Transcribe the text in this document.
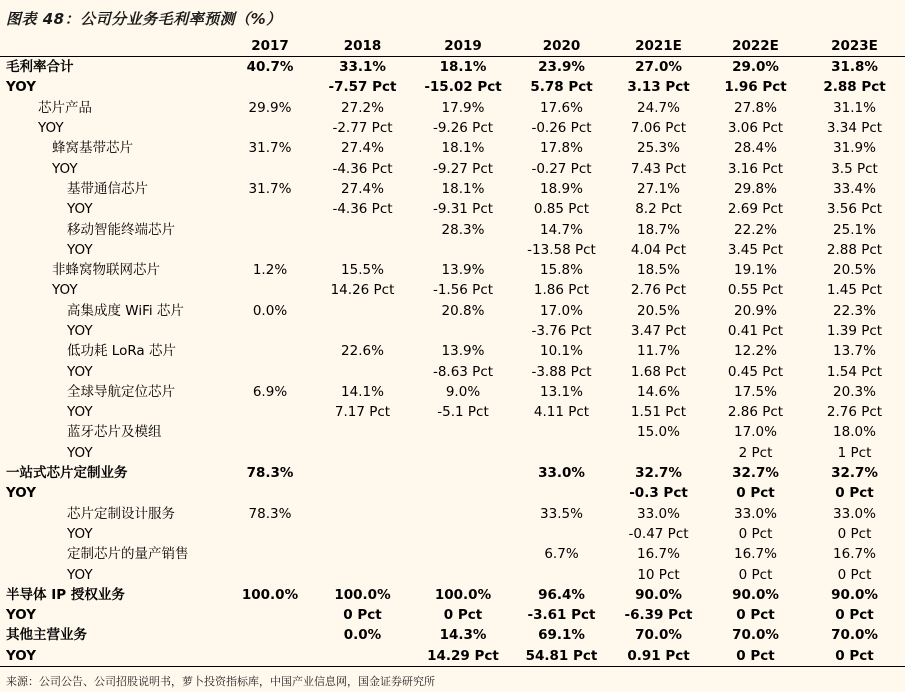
图表 48：公司分业务毛利率预测（%）
	2017	2018	2019	2020	2021E	2022E	2023E
毛利率合计	40.7%	33.1%	18.1%	23.9%	27.0%	29.0%	31.8%
YOY		-7.57 Pct	-15.02 Pct	5.78 Pct	3.13 Pct	1.96 Pct	2.88 Pct
芯片产品	29.9%	27.2%	17.9%	17.6%	24.7%	27.8%	31.1%
YOY		-2.77 Pct	-9.26 Pct	-0.26 Pct	7.06 Pct	3.06 Pct	3.34 Pct
蜂窝基带芯片	31.7%	27.4%	18.1%	17.8%	25.3%	28.4%	31.9%
YOY		-4.36 Pct	-9.27 Pct	-0.27 Pct	7.43 Pct	3.16 Pct	3.5 Pct
基带通信芯片	31.7%	27.4%	18.1%	18.9%	27.1%	29.8%	33.4%
YOY		-4.36 Pct	-9.31 Pct	0.85 Pct	8.2 Pct	2.69 Pct	3.56 Pct
移动智能终端芯片			28.3%	14.7%	18.7%	22.2%	25.1%
YOY				-13.58 Pct	4.04 Pct	3.45 Pct	2.88 Pct
非蜂窝物联网芯片	1.2%	15.5%	13.9%	15.8%	18.5%	19.1%	20.5%
YOY		14.26 Pct	-1.56 Pct	1.86 Pct	2.76 Pct	0.55 Pct	1.45 Pct
高集成度 WiFi 芯片	0.0%		20.8%	17.0%	20.5%	20.9%	22.3%
YOY				-3.76 Pct	3.47 Pct	0.41 Pct	1.39 Pct
低功耗 LoRa 芯片		22.6%	13.9%	10.1%	11.7%	12.2%	13.7%
YOY			-8.63 Pct	-3.88 Pct	1.68 Pct	0.45 Pct	1.54 Pct
全球导航定位芯片	6.9%	14.1%	9.0%	13.1%	14.6%	17.5%	20.3%
YOY		7.17 Pct	-5.1 Pct	4.11 Pct	1.51 Pct	2.86 Pct	2.76 Pct
蓝牙芯片及模组					15.0%	17.0%	18.0%
YOY						2 Pct	1 Pct
一站式芯片定制业务	78.3%			33.0%	32.7%	32.7%	32.7%
YOY					-0.3 Pct	0 Pct	0 Pct
芯片定制设计服务	78.3%			33.5%	33.0%	33.0%	33.0%
YOY					-0.47 Pct	0 Pct	0 Pct
定制芯片的量产销售				6.7%	16.7%	16.7%	16.7%
YOY					10 Pct	0 Pct	0 Pct
半导体 IP 授权业务	100.0%	100.0%	100.0%	96.4%	90.0%	90.0%	90.0%
YOY		0 Pct	0 Pct	-3.61 Pct	-6.39 Pct	0 Pct	0 Pct
其他主营业务		0.0%	14.3%	69.1%	70.0%	70.0%	70.0%
YOY			14.29 Pct	54.81 Pct	0.91 Pct	0 Pct	0 Pct
来源：公司公告、公司招股说明书，萝卜投资指标库，中国产业信息网，国金证券研究所
